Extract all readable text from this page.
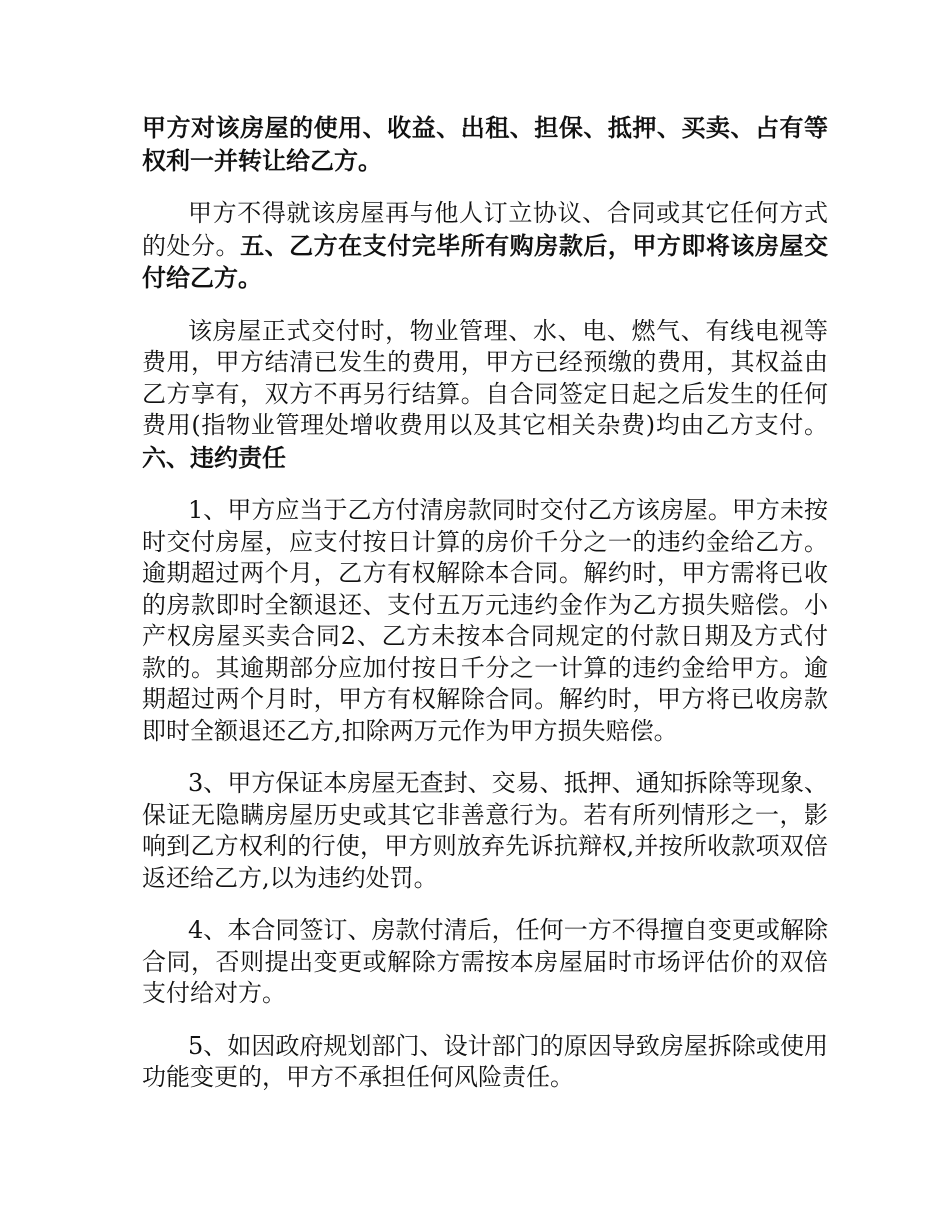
甲方对该房屋的使用、收益、出租、担保、抵押、买卖、占有等权利一并转让给乙方。

甲方不得就该房屋再与他人订立协议、合同或其它任何方式的处分。五、乙方在支付完毕所有购房款后，甲方即将该房屋交付给乙方。

该房屋正式交付时，物业管理、水、电、燃气、有线电视等费用，甲方结清已发生的费用，甲方已经预缴的费用，其权益由乙方享有，双方不再另行结算。自合同签定日起之后发生的任何费用(指物业管理处增收费用以及其它相关杂费)均由乙方支付。六、违约责任

1、甲方应当于乙方付清房款同时交付乙方该房屋。甲方未按时交付房屋，应支付按日计算的房价千分之一的违约金给乙方。逾期超过两个月，乙方有权解除本合同。解约时，甲方需将已收的房款即时全额退还、支付五万元违约金作为乙方损失赔偿。小产权房屋买卖合同2、乙方未按本合同规定的付款日期及方式付款的。其逾期部分应加付按日千分之一计算的违约金给甲方。逾期超过两个月时，甲方有权解除合同。解约时，甲方将已收房款即时全额退还乙方,扣除两万元作为甲方损失赔偿。

3、甲方保证本房屋无查封、交易、抵押、通知拆除等现象、保证无隐瞒房屋历史或其它非善意行为。若有所列情形之一，影响到乙方权利的行使，甲方则放弃先诉抗辩权,并按所收款项双倍返还给乙方,以为违约处罚。

4、本合同签订、房款付清后，任何一方不得擅自变更或解除合同，否则提出变更或解除方需按本房屋届时市场评估价的双倍支付给对方。

5、如因政府规划部门、设计部门的原因导致房屋拆除或使用功能变更的，甲方不承担任何风险责任。
